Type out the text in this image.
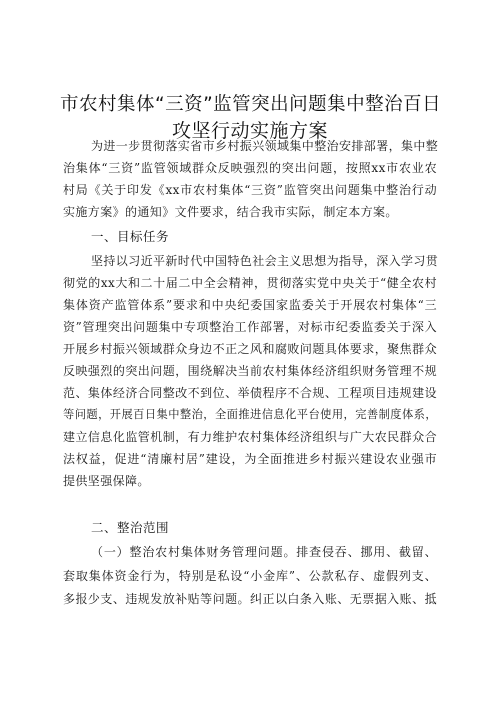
市农村集体“三资”监管突出问题集中整治百日
攻坚行动实施方案
为进一步贯彻落实省市乡村振兴领域集中整治安排部署，集中整
治集体“三资”监管领域群众反映强烈的突出问题，按照xx市农业农
村局《关于印发《xx市农村集体“三资”监管突出问题集中整治行动
实施方案》的通知》文件要求，结合我市实际，制定本方案。
一、目标任务
坚持以习近平新时代中国特色社会主义思想为指导，深入学习贯
彻党的xx大和二十届二中全会精神，贯彻落实党中央关于“健全农村
集体资产监管体系”要求和中央纪委国家监委关于开展农村集体“三
资”管理突出问题集中专项整治工作部署，对标市纪委监委关于深入
开展乡村振兴领域群众身边不正之风和腐败问题具体要求，聚焦群众
反映强烈的突出问题，围绕解决当前农村集体经济组织财务管理不规
范、集体经济合同整改不到位、举债程序不合规、工程项目违规建设
等问题，开展百日集中整治，全面推进信息化平台使用，完善制度体系，
建立信息化监管机制，有力维护农村集体经济组织与广大农民群众合
法权益，促进“清廉村居”建设，为全面推进乡村振兴建设农业强市
提供坚强保障。
二、整治范围
（一）整治农村集体财务管理问题。排查侵吞、挪用、截留、
套取集体资金行为，特别是私设“小金库”、公款私存、虚假列支、
多报少支、违规发放补贴等问题。纠正以白条入账、无票据入账、抵
